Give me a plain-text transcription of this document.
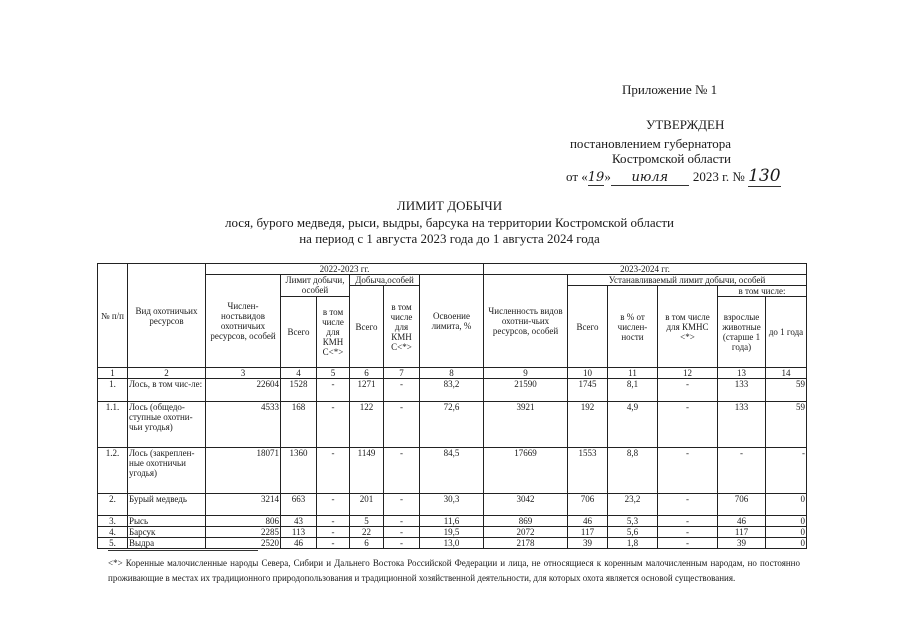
Приложение № 1
УТВЕРЖДЕН
постановлением губернатора
Костромской области
от «19» июля 2023 г. № 130
ЛИМИТ ДОБЫЧИ
лося, бурого медведя, рыси, выдры, барсука на территории Костромской области
на период с 1 августа 2023 года до 1 августа 2024 года
№ п/п	Вид охотничьих ресурсов	2022-2023 гг.						2023-2024 гг.					
		Числен-ностьвидов охотничьих ресурсов, особей	Лимит добычи, особей		Добыча,особей		Освоение лимита, %	Численность видов охотни-чьих ресурсов, особей	Устанавливаемый лимит добычи, особей				
					Всего	в том числе для КМН С<*>			Всего	в % от числен-ности	в том числе для КМНС <*>	в том числе:	
			Всего	в том числе для КМН С<*>								взрослые животные (старше 1 года)	до 1 года
1	2	3	4	5	6	7	8	9	10	11	12	13	14
1.	Лось, в том чис-ле:	22604	1528	-	1271	-	83,2	21590	1745	8,1	-	133	59
1.1.	Лось (общедо-ступные охотни-чьи угодья)	4533	168	-	122	-	72,6	3921	192	4,9	-	133	59
1.2.	Лось (закреплен-ные охотничьи угодья)	18071	1360	-	1149	-	84,5	17669	1553	8,8	-	-	-
2.	Бурый медведь	3214	663	-	201	-	30,3	3042	706	23,2	-	706	0
3.	Рысь	806	43	-	5	-	11,6	869	46	5,3	-	46	0
4.	Барсук	2285	113	-	22	-	19,5	2072	117	5,6	-	117	0
5.	Выдра	2520	46	-	6	-	13,0	2178	39	1,8	-	39	0
<*> Коренные малочисленные народы Севера, Сибири и Дальнего Востока Российской Федерации и лица, не относящиеся к коренным малочисленным народам, но постоянно проживающие в местах их традиционного природопользования и традиционной хозяйственной деятельности, для которых охота является основой существования.
